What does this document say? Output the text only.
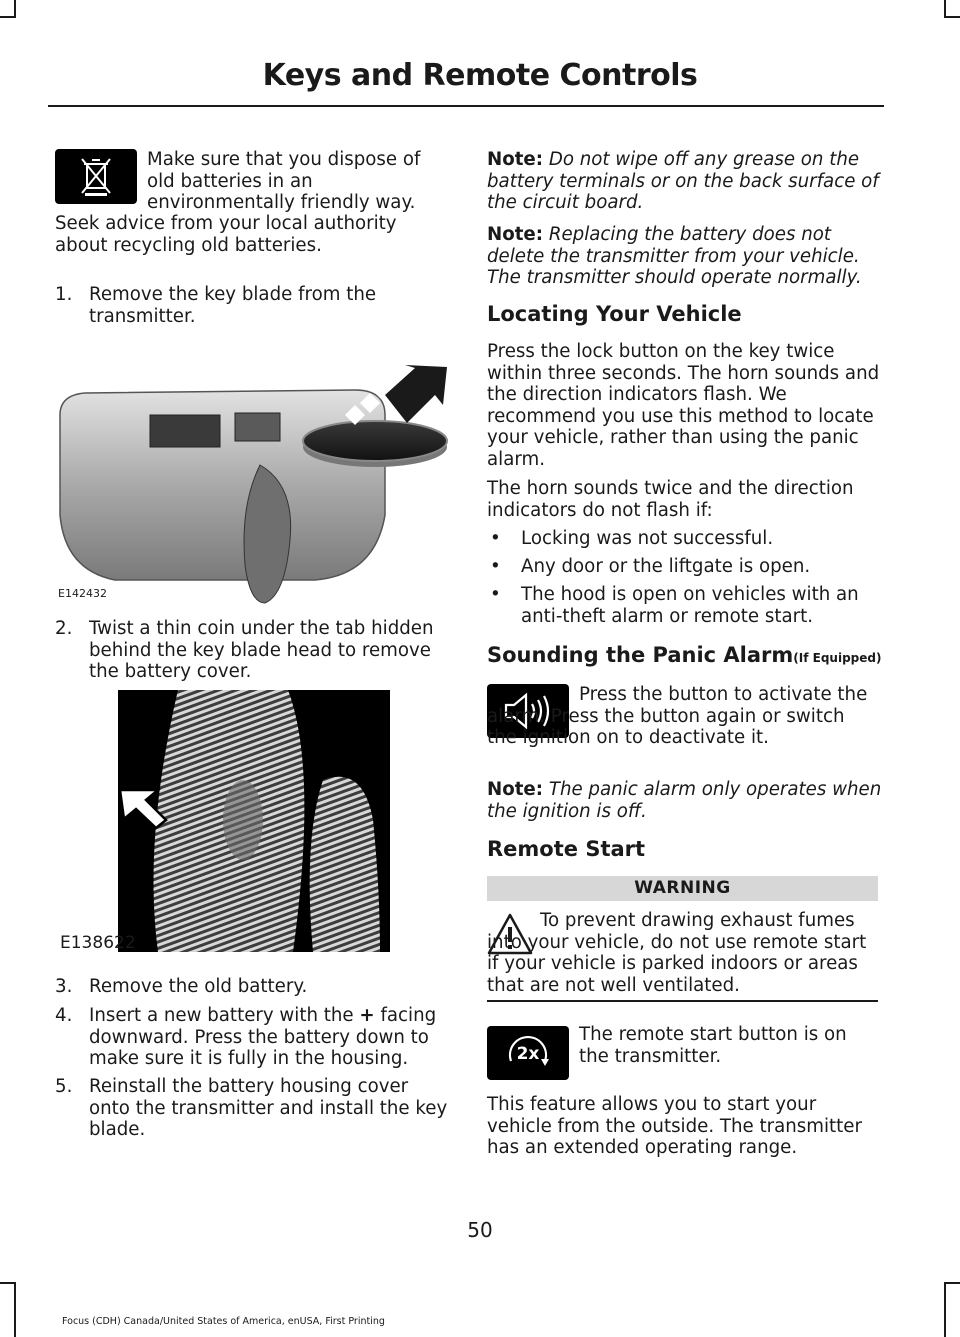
Keys and Remote Controls

Make sure that you dispose of old batteries in an environmentally friendly way.

Seek advice from your local authority about recycling old batteries.

1. Remove the key blade from the transmitter.

E142432
2. Twist a thin coin under the tab hidden behind the key blade head to remove the battery cover.

E138622
3. Remove the old battery.

4. Insert a new battery with the + facing downward. Press the battery down to make sure it is fully in the housing.

5. Reinstall the battery housing cover onto the transmitter and install the key blade.

Note: Do not wipe off any grease on the battery terminals or on the back surface of the circuit board.

Note: Replacing the battery does not delete the transmitter from your vehicle. The transmitter should operate normally.

Locating Your Vehicle

Press the lock button on the key twice within three seconds. The horn sounds and the direction indicators flash. We recommend you use this method to locate your vehicle, rather than using the panic alarm.

The horn sounds twice and the direction indicators do not flash if:

• Locking was not successful.

• Any door or the liftgate is open.

• The hood is open on vehicles with an anti-theft alarm or remote start.

Sounding the Panic Alarm(If Equipped)

Press the button to activate the alarm. Press the button again or switch the ignition on to deactivate it.

Note: The panic alarm only operates when the ignition is off.

Remote Start
WARNING

To prevent drawing exhaust fumes into your vehicle, do not use remote start if your vehicle is parked indoors or areas that are not well ventilated.

2x

The remote start button is on the transmitter.

This feature allows you to start your vehicle from the outside. The transmitter has an extended operating range.

50
Focus (CDH) Canada/United States of America, enUSA, First Printing
